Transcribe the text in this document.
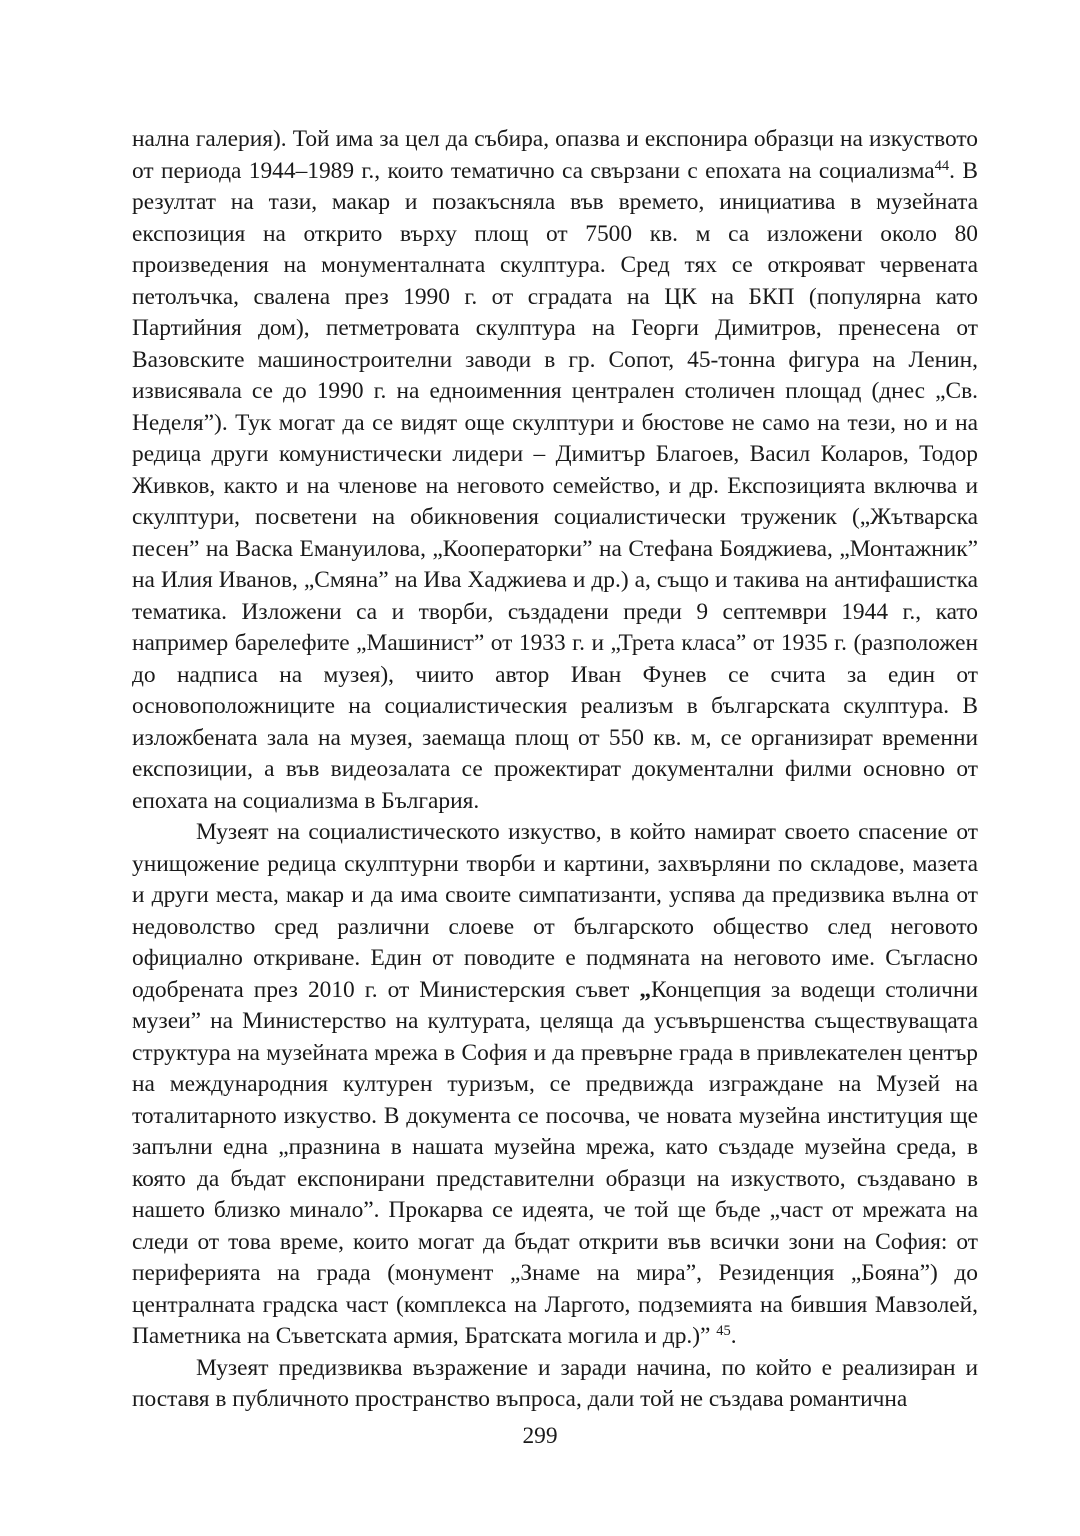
нална галерия). Той има за цел да събира, опазва и експонира образци на изкуството от периода 1944–1989 г., които тематично са свързани с епохата на социализма$^{44}$. В резултат на тази, макар и позакъсняла във времето, инициатива в музейната експозиция на открито върху площ от 7500 кв. м са изложени около 80 произведения на монументалната скулптура. Сред тях се открояват червената петолъчка, свалена през 1990 г. от сградата на ЦК на БКП (популярна като Партийния дом), петметровата скулптура на Георги Димитров, пренесена от Вазовските машиностроителни заводи в гр. Сопот, 45-тонна фигура на Ленин, извисявала се до 1990 г. на едноименния централен столичен площад (днес „Св. Неделя”). Тук могат да се видят още скулптури и бюстове не само на тези, но и на редица други комунистически лидери – Димитър Благоев, Васил Коларов, Тодор Живков, както и на членове на неговото семейство, и др. Експозицията включва и скулптури, посветени на обикновения социалистически труженик („Жътварска песен” на Васка Емануилова, „Кооператорки” на Стефана Бояджиева, „Монтажник” на Илия Иванов, „Смяна” на Ива Хаджиева и др.) а, също и такива на антифашистка тематика. Изложени са и творби, създадени преди 9 септември 1944 г., като например барелефите „Машинист” от 1933 г. и „Трета класа” от 1935 г. (разположен до надписа на музея), чиито автор Иван Фунев се счита за един от основоположниците на социалистическия реализъм в българската скулптура. В изложбената зала на музея, заемаща площ от 550 кв. м, се организират временни експозиции, а във видеозалата се прожектират документални филми основно от епохата на социализма в България.

Музеят на социалистическото изкуство, в който намират своето спасение от унищожение редица скулптурни творби и картини, захвърляни по складове, мазета и други места, макар и да има своите симпатизанти, успява да предизвика вълна от недоволство сред различни слоеве от българското общество след неговото официално откриване. Един от поводите е подмяната на неговото име. Съгласно одобрената през 2010 г. от Министерския съвет „Концепция за водещи столични музеи” на Министерство на културата, целяща да усъвършенства съществуващата структура на музейната мрежа в София и да превърне града в привлекателен център на международния културен туризъм, се предвижда изграждане на Музей на тоталитарното изкуство. В документа се посочва, че новата музейна институция ще запълни една „празнина в нашата музейна мрежа, като създаде музейна среда, в която да бъдат експонирани представителни образци на изкуството, създавано в нашето близко минало”. Прокарва се идеята, че той ще бъде „част от мрежата на следи от това време, които могат да бъдат открити във всички зони на София: от периферията на града (монумент „Знаме на мира”, Резиденция „Бояна”) до централната градска част (комплекса на Ларгото, подземията на бившия Мавзолей, Паметника на Съветската армия, Братската могила и др.)” $^{45}$.

Музеят предизвиква възражение и заради начина, по който е реализиран и поставя в публичното пространство въпроса, дали той не създава романтична

299
